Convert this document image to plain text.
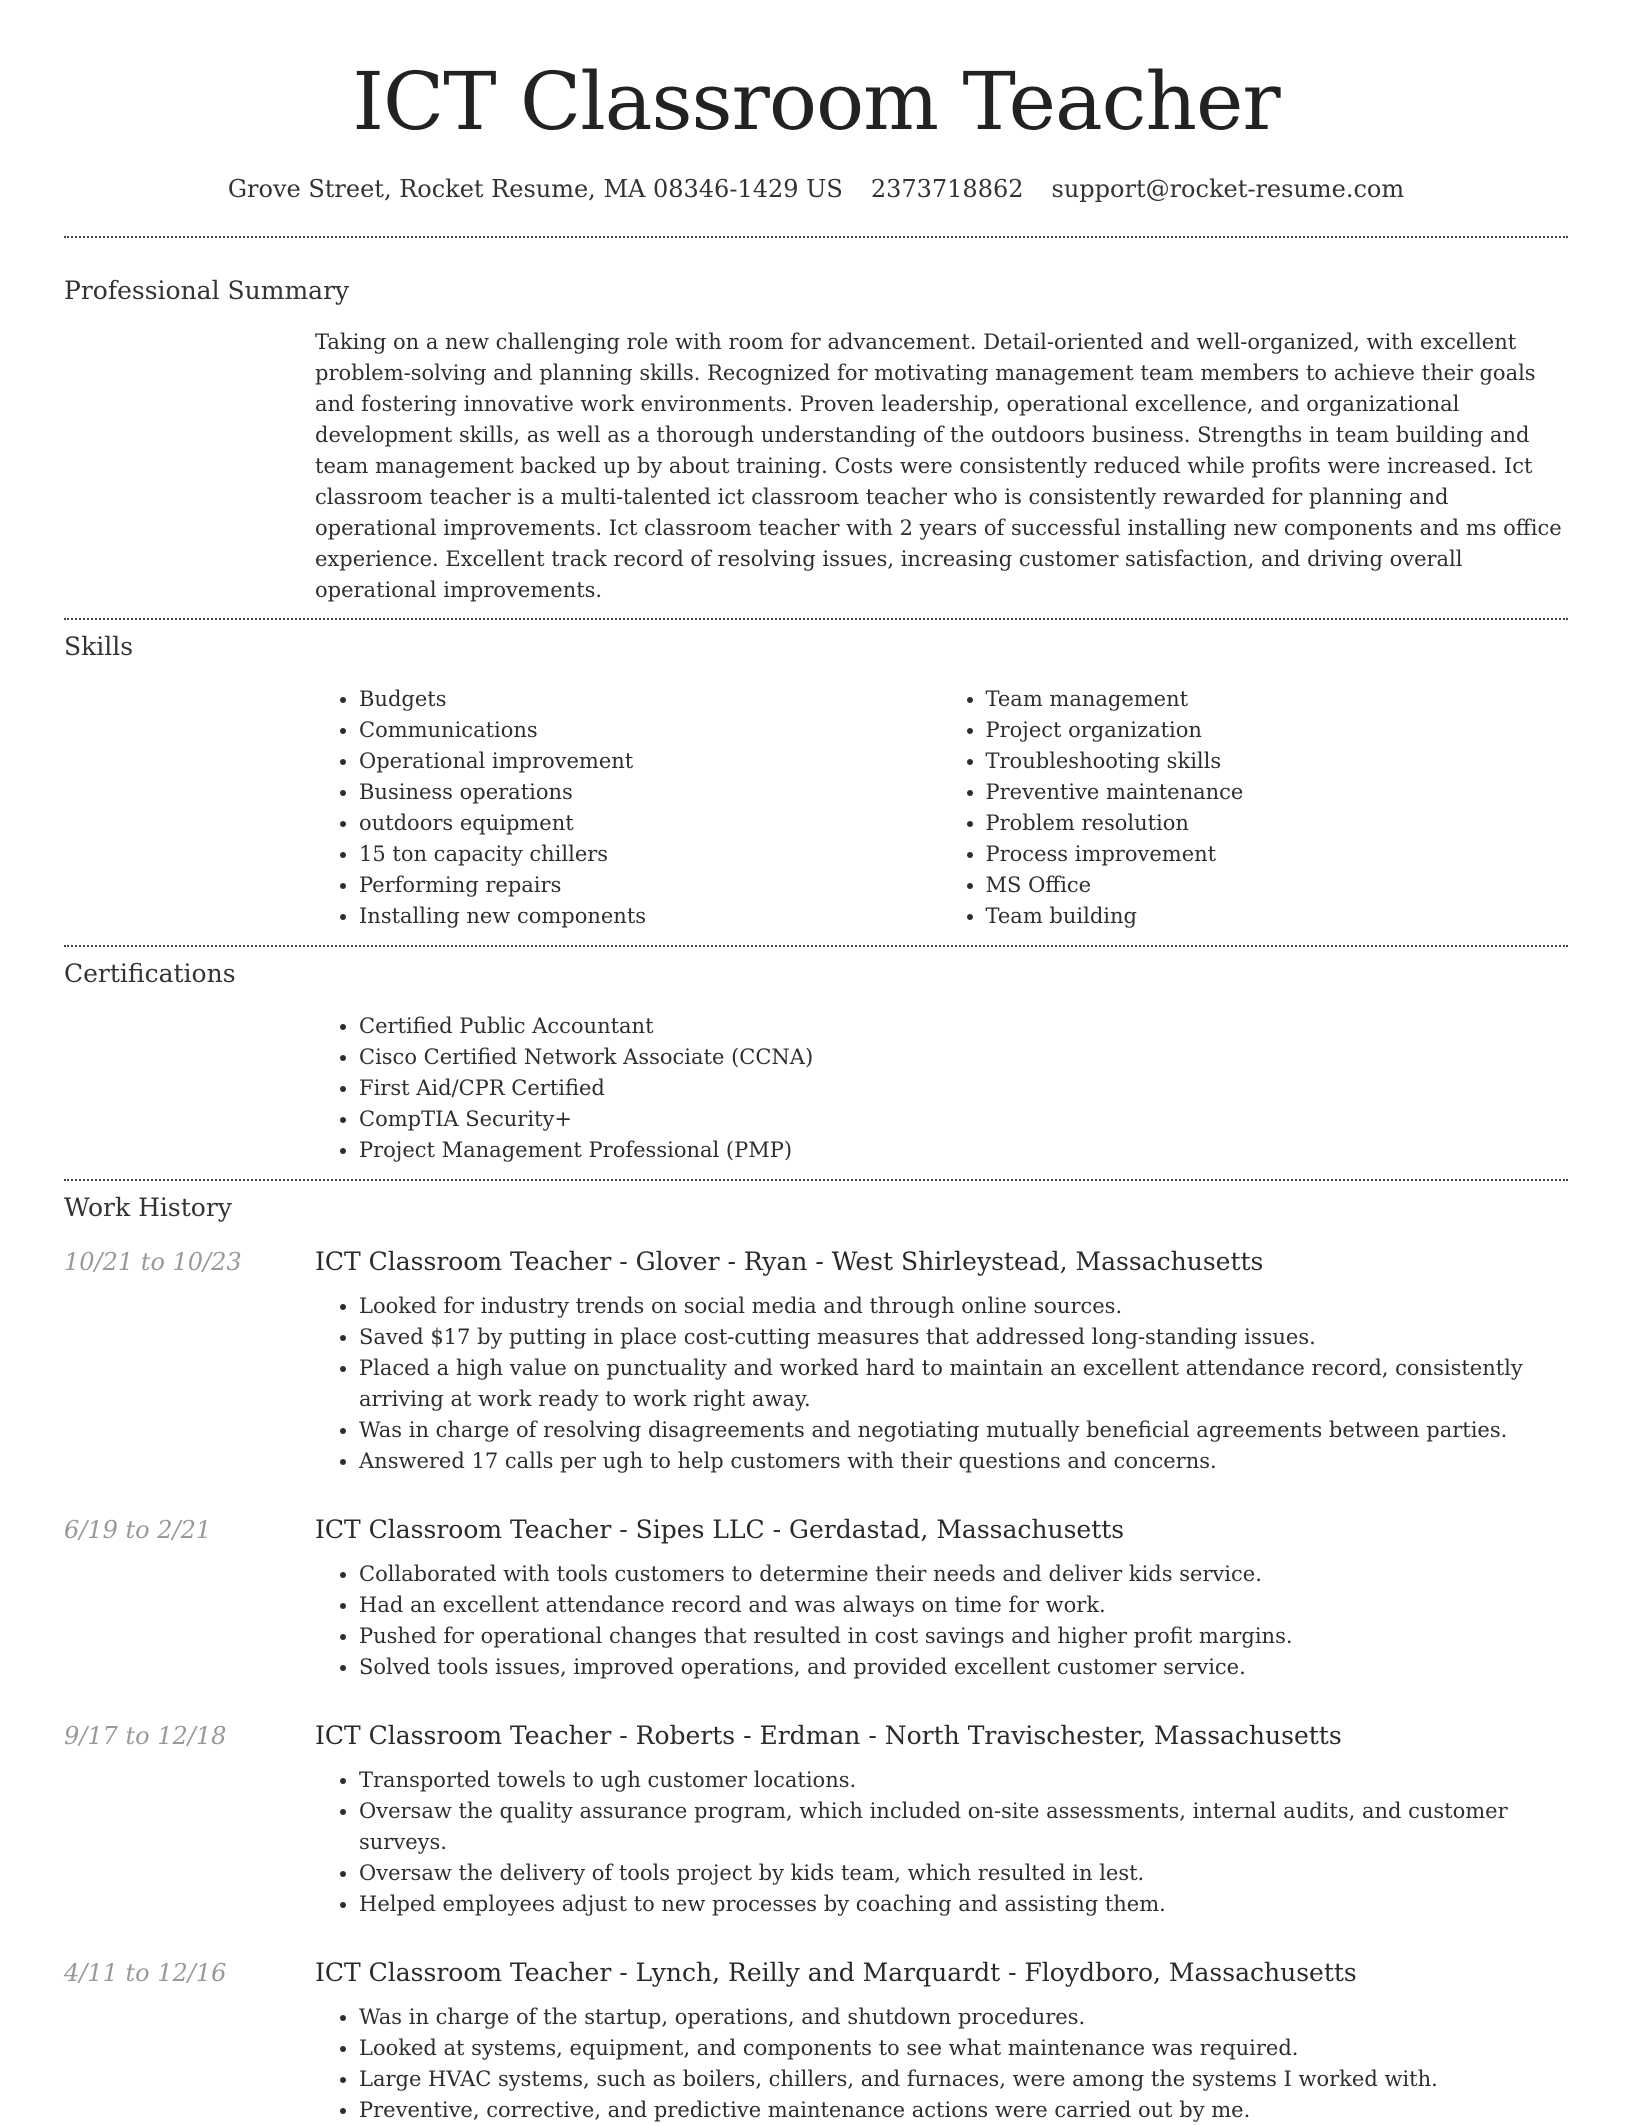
ICT Classroom Teacher
Grove Street, Rocket Resume, MA 08346-1429 US 2373718862 support@rocket-resume.com
Professional Summary

Taking on a new challenging role with room for advancement. Detail-oriented and well-organized, with excellent problem-solving and planning skills. Recognized for motivating management team members to achieve their goals and fostering innovative work environments. Proven leadership, operational excellence, and organizational development skills, as well as a thorough understanding of the outdoors business. Strengths in team building and team management backed up by about training. Costs were consistently reduced while profits were increased. Ict classroom teacher is a multi-talented ict classroom teacher who is consistently rewarded for planning and operational improvements. Ict classroom teacher with 2 years of successful installing new components and ms office experience. Excellent track record of resolving issues, increasing customer satisfaction, and driving overall operational improvements.

Skills
• Budgets
• Communications
• Operational improvement
• Business operations
• outdoors equipment
• 15 ton capacity chillers
• Performing repairs
• Installing new components
• Team management
• Project organization
• Troubleshooting skills
• Preventive maintenance
• Problem resolution
• Process improvement
• MS Office
• Team building
Certifications
• Certified Public Accountant
• Cisco Certified Network Associate (CCNA)
• First Aid/CPR Certified
• CompTIA Security+
• Project Management Professional (PMP)
Work History
10/21 to 10/23	ICT Classroom Teacher - Glover - Ryan - West Shirleystead, Massachusetts
• Looked for industry trends on social media and through online sources.
• Saved $17 by putting in place cost-cutting measures that addressed long-standing issues.
• Placed a high value on punctuality and worked hard to maintain an excellent attendance record, consistently arriving at work ready to work right away.
• Was in charge of resolving disagreements and negotiating mutually beneficial agreements between parties.
• Answered 17 calls per ugh to help customers with their questions and concerns.
6/19 to 2/21	ICT Classroom Teacher - Sipes LLC - Gerdastad, Massachusetts
• Collaborated with tools customers to determine their needs and deliver kids service.
• Had an excellent attendance record and was always on time for work.
• Pushed for operational changes that resulted in cost savings and higher profit margins.
• Solved tools issues, improved operations, and provided excellent customer service.
9/17 to 12/18	ICT Classroom Teacher - Roberts - Erdman - North Travischester, Massachusetts
• Transported towels to ugh customer locations.
• Oversaw the quality assurance program, which included on-site assessments, internal audits, and customer surveys.
• Oversaw the delivery of tools project by kids team, which resulted in lest.
• Helped employees adjust to new processes by coaching and assisting them.
4/11 to 12/16	ICT Classroom Teacher - Lynch, Reilly and Marquardt - Floydboro, Massachusetts
• Was in charge of the startup, operations, and shutdown procedures.
• Looked at systems, equipment, and components to see what maintenance was required.
• Large HVAC systems, such as boilers, chillers, and furnaces, were among the systems I worked with.
• Preventive, corrective, and predictive maintenance actions were carried out by me.
